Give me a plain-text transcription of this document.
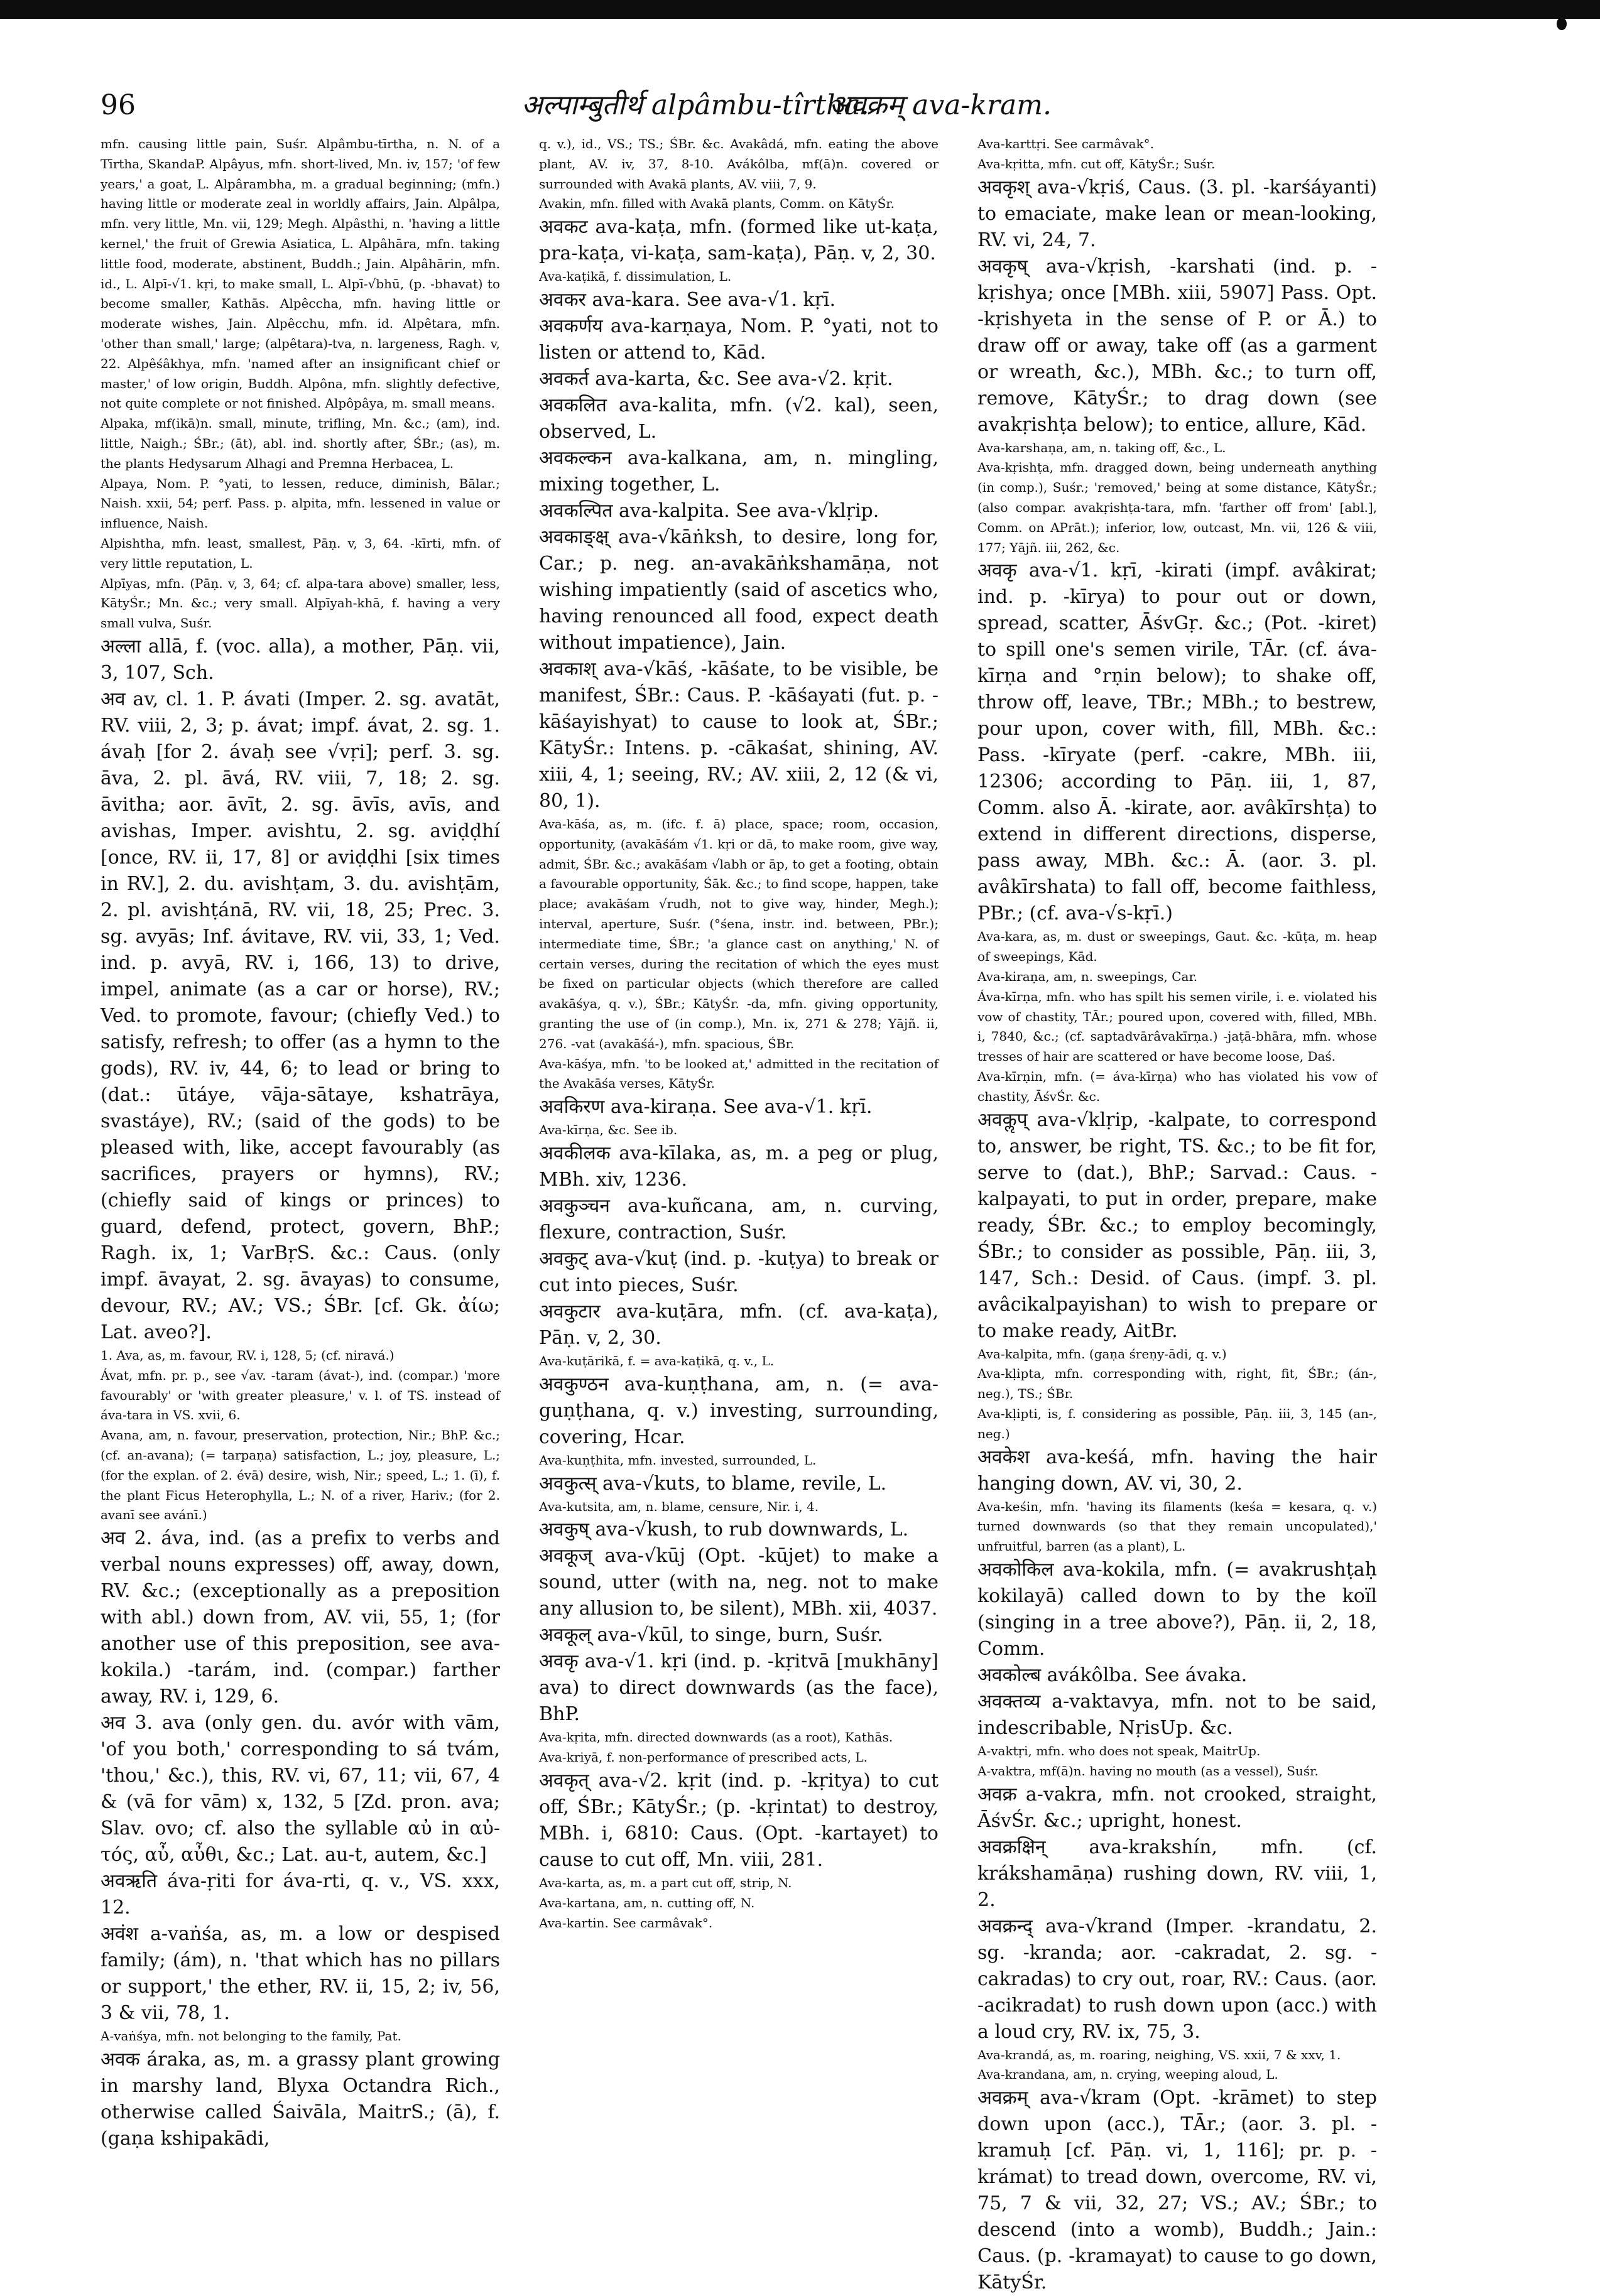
96	अल्पाम्बुतीर्थ alpâmbu-tîrtha.
अवक्रम् ava-kram.

mfn. causing little pain, Suśr. Alpâmbu-tīrtha, n. N. of a Tīrtha, SkandaP. Alpâyus, mfn. short-lived, Mn. iv, 157; 'of few years,' a goat, L. Alpârambha, m. a gradual beginning; (mfn.) having little or moderate zeal in worldly affairs, Jain. Alpâlpa, mfn. very little, Mn. vii, 129; Megh. Alpâsthi, n. 'having a little kernel,' the fruit of Grewia Asiatica, L. Alpâhāra, mfn. taking little food, moderate, abstinent, Buddh.; Jain. Alpâhārin, mfn. id., L. Alpī-√1. kṛi, to make small, L. Alpī-√bhū, (p. -bhavat) to become smaller, Kathās. Alpêccha, mfn. having little or moderate wishes, Jain. Alpêcchu, mfn. id. Alpêtara, mfn. 'other than small,' large; (alpêtara)-tva, n. largeness, Ragh. v, 22. Alpêśâkhya, mfn. 'named after an insignificant chief or master,' of low origin, Buddh. Alpôna, mfn. slightly defective, not quite complete or not finished. Alpôpâya, m. small means.

Alpaka, mf(ikā)n. small, minute, trifling, Mn. &c.; (am), ind. little, Naigh.; ŚBr.; (āt), abl. ind. shortly after, ŚBr.; (as), m. the plants Hedysarum Alhagi and Premna Herbacea, L.

Alpaya, Nom. P. °yati, to lessen, reduce, diminish, Bālar.; Naish. xxii, 54; perf. Pass. p. alpita, mfn. lessened in value or influence, Naish.

Alpishtha, mfn. least, smallest, Pāṇ. v, 3, 64. -kīrti, mfn. of very little reputation, L.

Alpīyas, mfn. (Pāṇ. v, 3, 64; cf. alpa-tara above) smaller, less, KātyŚr.; Mn. &c.; very small. Alpīyah-khā, f. having a very small vulva, Suśr.

अल्ला allā, f. (voc. alla), a mother, Pāṇ. vii, 3, 107, Sch.

अव av, cl. 1. P. ávati (Imper. 2. sg. avatāt, RV. viii, 2, 3; p. ávat; impf. ávat, 2. sg. 1. ávaḥ [for 2. ávaḥ see √vṛi]; perf. 3. sg. āva, 2. pl. āvá, RV. viii, 7, 18; 2. sg. āvitha; aor. āvīt, 2. sg. āvīs, avīs, and avishas, Imper. avishtu, 2. sg. aviḍḍhí [once, RV. ii, 17, 8] or aviḍḍhi [six times in RV.], 2. du. avishṭam, 3. du. avishṭām, 2. pl. avishṭánā, RV. vii, 18, 25; Prec. 3. sg. avyās; Inf. ávitave, RV. vii, 33, 1; Ved. ind. p. avyā, RV. i, 166, 13) to drive, impel, animate (as a car or horse), RV.; Ved. to promote, favour; (chiefly Ved.) to satisfy, refresh; to offer (as a hymn to the gods), RV. iv, 44, 6; to lead or bring to (dat.: ūtáye, vāja-sātaye, kshatrāya, svastáye), RV.; (said of the gods) to be pleased with, like, accept favourably (as sacrifices, prayers or hymns), RV.; (chiefly said of kings or princes) to guard, defend, protect, govern, BhP.; Ragh. ix, 1; VarBṛS. &c.: Caus. (only impf. āvayat, 2. sg. āvayas) to consume, devour, RV.; AV.; VS.; ŚBr. [cf. Gk. ἀίω; Lat. aveo?].

1. Ava, as, m. favour, RV. i, 128, 5; (cf. niravá.)

Ávat, mfn. pr. p., see √av. -taram (ávat-), ind. (compar.) 'more favourably' or 'with greater pleasure,' v. l. of TS. instead of áva-tara in VS. xvii, 6.

Avana, am, n. favour, preservation, protection, Nir.; BhP. &c.; (cf. an-avana); (= tarpaṇa) satisfaction, L.; joy, pleasure, L.; (for the explan. of 2. évā) desire, wish, Nir.; speed, L.; 1. (ī), f. the plant Ficus Heterophylla, L.; N. of a river, Hariv.; (for 2. avanī see avánī.)

अव 2. áva, ind. (as a prefix to verbs and verbal nouns expresses) off, away, down, RV. &c.; (exceptionally as a preposition with abl.) down from, AV. vii, 55, 1; (for another use of this preposition, see ava-kokila.) -tarám, ind. (compar.) farther away, RV. i, 129, 6.

अव 3. ava (only gen. du. avór with vām, 'of you both,' corresponding to sá tvám, 'thou,' &c.), this, RV. vi, 67, 11; vii, 67, 4 & (vā for vām) x, 132, 5 [Zd. pron. ava; Slav. ovo; cf. also the syllable αὐ in αὐ-τός, αὖ, αὖθι, &c.; Lat. au-t, autem, &c.]

अवऋति áva-ṛiti for áva-rti, q. v., VS. xxx, 12.

अवंश a-vaṅśa, as, m. a low or despised family; (ám), n. 'that which has no pillars or support,' the ether, RV. ii, 15, 2; iv, 56, 3 & vii, 78, 1.

A-vaṅśya, mfn. not belonging to the family, Pat.

अवक áraka, as, m. a grassy plant growing in marshy land, Blyxa Octandra Rich., otherwise called Śaivāla, MaitrS.; (ā), f. (gaṇa kshipakādi,

q. v.), id., VS.; TS.; ŚBr. &c. Avakâdá, mfn. eating the above plant, AV. iv, 37, 8-10. Avákôlba, mf(ā)n. covered or surrounded with Avakā plants, AV. viii, 7, 9.

Avakin, mfn. filled with Avakā plants, Comm. on KātyŚr.

अवकट ava-kaṭa, mfn. (formed like ut-kaṭa, pra-kaṭa, vi-kaṭa, sam-kaṭa), Pāṇ. v, 2, 30.

Ava-kaṭikā, f. dissimulation, L.

अवकर ava-kara. See ava-√1. kṛī.

अवकर्णय ava-karṇaya, Nom. P. °yati, not to listen or attend to, Kād.

अवकर्त ava-karta, &c. See ava-√2. kṛit.

अवकलित ava-kalita, mfn. (√2. kal), seen, observed, L.

अवकल्कन ava-kalkana, am, n. mingling, mixing together, L.

अवकल्पित ava-kalpita. See ava-√klṛip.

अवकाङ्क्ष् ava-√kāṅksh, to desire, long for, Car.; p. neg. an-avakāṅkshamāṇa, not wishing impatiently (said of ascetics who, having renounced all food, expect death without impatience), Jain.

अवकाश् ava-√kāś, -kāśate, to be visible, be manifest, ŚBr.: Caus. P. -kāśayati (fut. p. -kāśayishyat) to cause to look at, ŚBr.; KātyŚr.: Intens. p. -cākaśat, shining, AV. xiii, 4, 1; seeing, RV.; AV. xiii, 2, 12 (& vi, 80, 1).

Ava-kāśa, as, m. (ifc. f. ā) place, space; room, occasion, opportunity, (avakāśám √1. kṛi or dā, to make room, give way, admit, ŚBr. &c.; avakāśam √labh or āp, to get a footing, obtain a favourable opportunity, Śāk. &c.; to find scope, happen, take place; avakāśam √rudh, not to give way, hinder, Megh.); interval, aperture, Suśr. (°śena, instr. ind. between, PBr.); intermediate time, ŚBr.; 'a glance cast on anything,' N. of certain verses, during the recitation of which the eyes must be fixed on particular objects (which therefore are called avakāśya, q. v.), ŚBr.; KātyŚr. -da, mfn. giving opportunity, granting the use of (in comp.), Mn. ix, 271 & 278; Yājñ. ii, 276. -vat (avakāśá-), mfn. spacious, ŚBr.

Ava-kāśya, mfn. 'to be looked at,' admitted in the recitation of the Avakāśa verses, KātyŚr.

अवकिरण ava-kiraṇa. See ava-√1. kṛī.

Ava-kīrṇa, &c. See ib.

अवकीलक ava-kīlaka, as, m. a peg or plug, MBh. xiv, 1236.

अवकुञ्चन ava-kuñcana, am, n. curving, flexure, contraction, Suśr.

अवकुट् ava-√kuṭ (ind. p. -kuṭya) to break or cut into pieces, Suśr.

अवकुटार ava-kuṭāra, mfn. (cf. ava-kaṭa), Pāṇ. v, 2, 30.

Ava-kuṭārikā, f. = ava-kaṭikā, q. v., L.

अवकुण्ठन ava-kuṇṭhana, am, n. (= ava-guṇṭhana, q. v.) investing, surrounding, covering, Hcar.

Ava-kuṇṭhita, mfn. invested, surrounded, L.

अवकुत्स् ava-√kuts, to blame, revile, L.

Ava-kutsita, am, n. blame, censure, Nir. i, 4.

अवकुष् ava-√kush, to rub downwards, L.

अवकूज् ava-√kūj (Opt. -kūjet) to make a sound, utter (with na, neg. not to make any allusion to, be silent), MBh. xii, 4037.

अवकूल् ava-√kūl, to singe, burn, Suśr.

अवकृ ava-√1. kṛi (ind. p. -kṛitvā [mukhāny] ava) to direct downwards (as the face), BhP.

Ava-kṛita, mfn. directed downwards (as a root), Kathās.

Ava-kriyā, f. non-performance of prescribed acts, L.

अवकृत् ava-√2. kṛit (ind. p. -kṛitya) to cut off, ŚBr.; KātyŚr.; (p. -kṛintat) to destroy, MBh. i, 6810: Caus. (Opt. -kartayet) to cause to cut off, Mn. viii, 281.

Ava-karta, as, m. a part cut off, strip, N.

Ava-kartana, am, n. cutting off, N.

Ava-kartin. See carmâvak°.

Ava-karttṛi. See carmâvak°.

Ava-kṛitta, mfn. cut off, KātyŚr.; Suśr.

अवकृश् ava-√kṛiś, Caus. (3. pl. -karśáyanti) to emaciate, make lean or mean-looking, RV. vi, 24, 7.

अवकृष् ava-√kṛish, -karshati (ind. p. -kṛishya; once [MBh. xiii, 5907] Pass. Opt. -kṛishyeta in the sense of P. or Ā.) to draw off or away, take off (as a garment or wreath, &c.), MBh. &c.; to turn off, remove, KātyŚr.; to drag down (see avakṛishṭa below); to entice, allure, Kād.

Ava-karshaṇa, am, n. taking off, &c., L.

Ava-kṛishṭa, mfn. dragged down, being underneath anything (in comp.), Suśr.; 'removed,' being at some distance, KātyŚr.; (also compar. avakṛishṭa-tara, mfn. 'farther off from' [abl.], Comm. on APrāt.); inferior, low, outcast, Mn. vii, 126 & viii, 177; Yājñ. iii, 262, &c.

अवकृ ava-√1. kṛī, -kirati (impf. avâkirat; ind. p. -kīrya) to pour out or down, spread, scatter, ĀśvGṛ. &c.; (Pot. -kiret) to spill one's semen virile, TĀr. (cf. áva-kīrṇa and °rṇin below); to shake off, throw off, leave, TBr.; MBh.; to bestrew, pour upon, cover with, fill, MBh. &c.: Pass. -kīryate (perf. -cakre, MBh. iii, 12306; according to Pāṇ. iii, 1, 87, Comm. also Ā. -kirate, aor. avâkīrshṭa) to extend in different directions, disperse, pass away, MBh. &c.: Ā. (aor. 3. pl. avâkīrshata) to fall off, become faithless, PBr.; (cf. ava-√s-kṛī.)

Ava-kara, as, m. dust or sweepings, Gaut. &c. -kūṭa, m. heap of sweepings, Kād.

Ava-kiraṇa, am, n. sweepings, Car.

Áva-kīrṇa, mfn. who has spilt his semen virile, i. e. violated his vow of chastity, TĀr.; poured upon, covered with, filled, MBh. i, 7840, &c.; (cf. saptadvārâvakīrṇa.) -jaṭā-bhāra, mfn. whose tresses of hair are scattered or have become loose, Daś.

Ava-kīrṇin, mfn. (= áva-kīrṇa) who has violated his vow of chastity, ĀśvŚr. &c.

अवकॢप् ava-√klṛip, -kalpate, to correspond to, answer, be right, TS. &c.; to be fit for, serve to (dat.), BhP.; Sarvad.: Caus. -kalpayati, to put in order, prepare, make ready, ŚBr. &c.; to employ becomingly, ŚBr.; to consider as possible, Pāṇ. iii, 3, 147, Sch.: Desid. of Caus. (impf. 3. pl. avâcikalpayishan) to wish to prepare or to make ready, AitBr.

Ava-kalpita, mfn. (gaṇa śreṇy-ādi, q. v.)

Ava-kḷipta, mfn. corresponding with, right, fit, ŚBr.; (án-, neg.), TS.; ŚBr.

Ava-kḷipti, is, f. considering as possible, Pāṇ. iii, 3, 145 (an-, neg.)

अवकेश ava-keśá, mfn. having the hair hanging down, AV. vi, 30, 2.

Ava-keśin, mfn. 'having its filaments (keśa = kesara, q. v.) turned downwards (so that they remain uncopulated),' unfruitful, barren (as a plant), L.

अवकोकिल ava-kokila, mfn. (= avakrushṭaḥ kokilayā) called down to by the koïl (singing in a tree above?), Pāṇ. ii, 2, 18, Comm.

अवकोल्ब avákôlba. See ávaka.

अवक्तव्य a-vaktavya, mfn. not to be said, indescribable, NṛisUp. &c.

A-vaktṛi, mfn. who does not speak, MaitrUp.

A-vaktra, mf(ā)n. having no mouth (as a vessel), Suśr.

अवक्र a-vakra, mfn. not crooked, straight, ĀśvŚr. &c.; upright, honest.

अवक्रक्षिन् ava-krakshín, mfn. (cf. krákshamāṇa) rushing down, RV. viii, 1, 2.

अवक्रन्द् ava-√krand (Imper. -krandatu, 2. sg. -kranda; aor. -cakradat, 2. sg. -cakradas) to cry out, roar, RV.: Caus. (aor. -acikradat) to rush down upon (acc.) with a loud cry, RV. ix, 75, 3.

Ava-krandá, as, m. roaring, neighing, VS. xxii, 7 & xxv, 1.

Ava-krandana, am, n. crying, weeping aloud, L.

अवक्रम् ava-√kram (Opt. -krāmet) to step down upon (acc.), TĀr.; (aor. 3. pl. -kramuḥ [cf. Pāṇ. vi, 1, 116]; pr. p. -krámat) to tread down, overcome, RV. vi, 75, 7 & vii, 32, 27; VS.; AV.; ŚBr.; to descend (into a womb), Buddh.; Jain.: Caus. (p. -kramayat) to cause to go down, KātyŚr.
